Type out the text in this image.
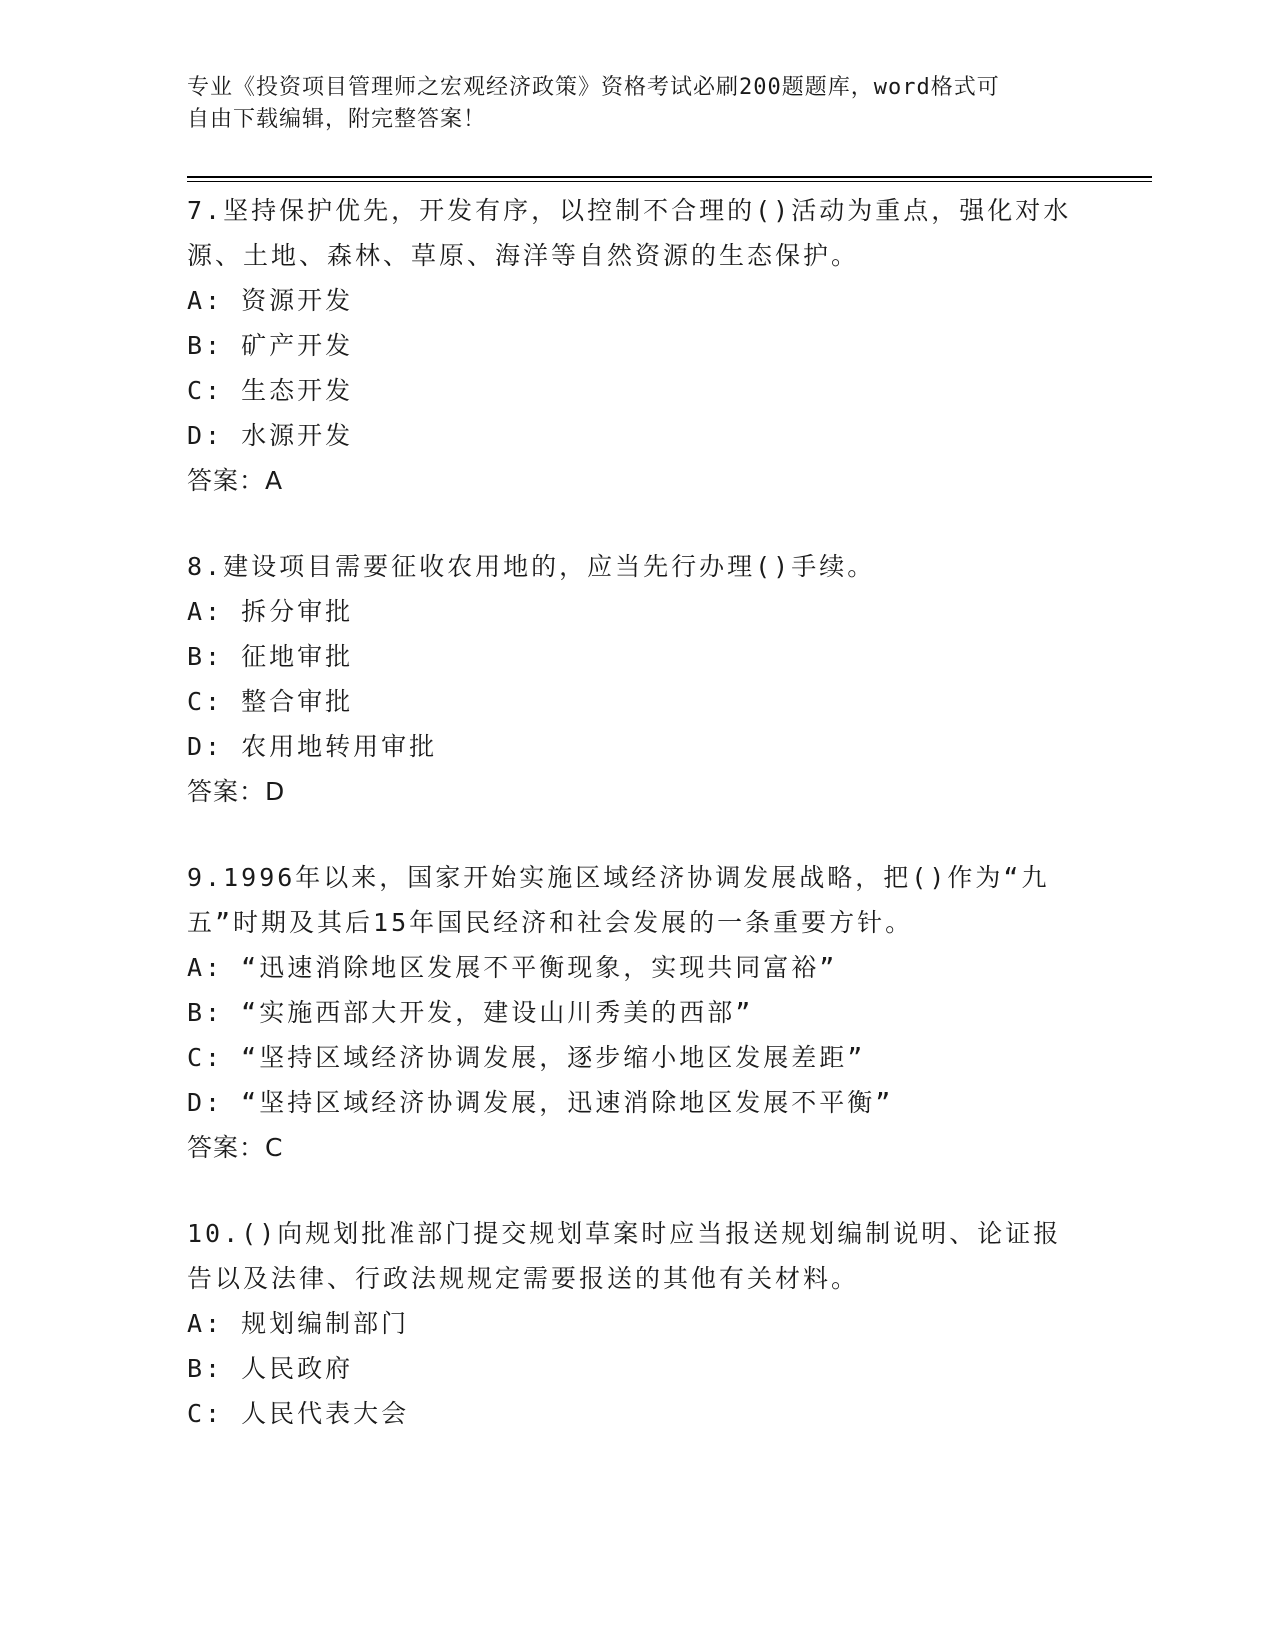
专业《投资项目管理师之宏观经济政策》资格考试必刷200题题库，word格式可
自由下载编辑，附完整答案！
7.坚持保护优先，开发有序，以控制不合理的()活动为重点，强化对水源、土地、森林、草原、海洋等自然资源的生态保护。
A: 资源开发
B: 矿产开发
C: 生态开发
D: 水源开发
答案：A
8.建设项目需要征收农用地的，应当先行办理()手续。
A: 拆分审批
B: 征地审批
C: 整合审批
D: 农用地转用审批
答案：D
9.1996年以来，国家开始实施区域经济协调发展战略，把()作为“九五”时期及其后15年国民经济和社会发展的一条重要方针。
A: “迅速消除地区发展不平衡现象，实现共同富裕”
B: “实施西部大开发，建设山川秀美的西部”
C: “坚持区域经济协调发展，逐步缩小地区发展差距”
D: “坚持区域经济协调发展，迅速消除地区发展不平衡”
答案：C
10.()向规划批准部门提交规划草案时应当报送规划编制说明、论证报告以及法律、行政法规规定需要报送的其他有关材料。
A: 规划编制部门
B: 人民政府
C: 人民代表大会
